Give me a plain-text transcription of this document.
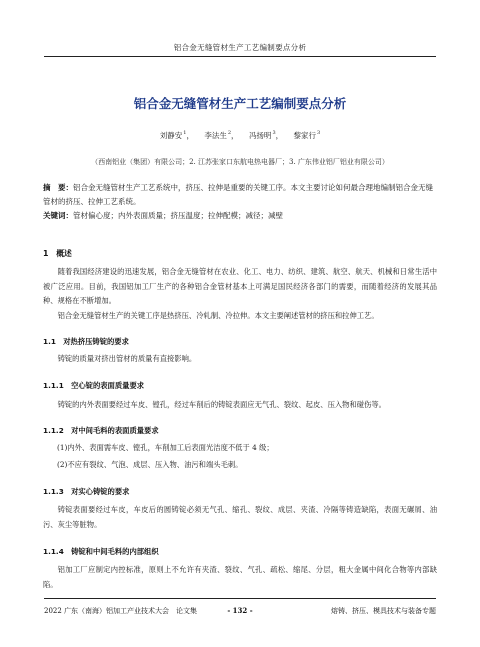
铝合金无缝管材生产工艺编制要点分析
铝合金无缝管材生产工艺编制要点分析
刘静安$^1$， 李法生$^2$， 冯扬明$^3$， 黎家行$^3$
（西南铝业（集团）有限公司；2. 江苏张家口东航电热电器厂；3. 广东伟业铝厂铝业有限公司）
摘　要：铝合金无缝管材生产工艺系统中，挤压、拉伸是重要的关键工序。本文主要讨论如何最合理地编制铝合金无缝管材的挤压、拉伸工艺系统。
关键词：管材偏心度；内外表面质量；挤压温度；拉伸配模；减径；减壁
1　概述
随着我国经济建设的迅速发展，铝合金无缝管材在农业、化工、电力、纺织、建筑、航空、航天、机械和日常生活中被广泛应用。目前，我国铝加工厂生产的各种铝合金管材基本上可满足国民经济各部门的需要，而随着经济的发展其品种、规格在不断增加。
铝合金无缝管材生产的关键工序是热挤压、冷轧制、冷拉伸。本文主要阐述管材的挤压和拉伸工艺。
1.1　对热挤压铸锭的要求
铸锭的质量对挤出管材的质量有直接影响。
1.1.1　空心锭的表面质量要求
铸锭的内外表面要经过车皮、镗孔，经过车削后的铸锭表面应无气孔、裂纹、起皮、压入物和碰伤等。
1.1.2　对中间毛料的表面质量要求
(1)内外、表面需车皮、镗孔，车削加工后表面光洁度不低于 4 级；
(2)不应有裂纹、气泡、成层、压入物、油污和端头毛刺。
1.1.3　对实心铸锭的要求
铸锭表面要经过车皮，车皮后的圆铸锭必须无气孔、缩孔、裂纹、成层、夹渣、冷隔等铸造缺陷，表面无碾屑、油污、灰尘等脏物。
1.1.4　铸锭和中间毛料的内部组织
铝加工厂应制定内控标准，原则上不允许有夹渣、裂纹、气孔、疏松、缩尾、分层，粗大金属中间化合物等内部缺陷。
2022 广东（南海）铝加工产业技术大会　论文集	- 132 -	熔铸、挤压、模具技术与装备专题
